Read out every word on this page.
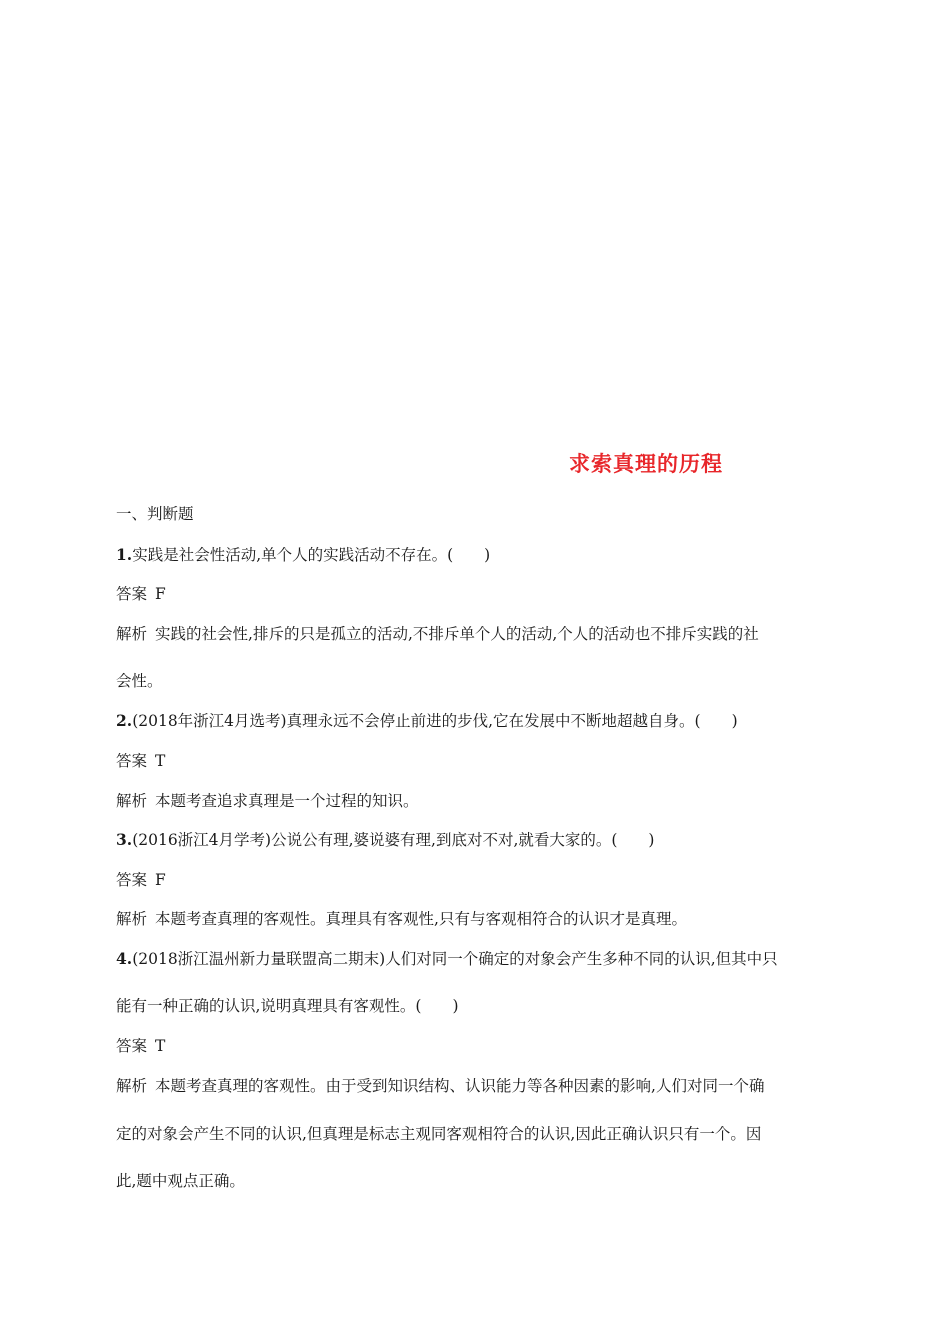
求索真理的历程
一、判断题
1.实践是社会性活动,单个人的实践活动不存在。(　　)
答案 F
解析 实践的社会性,排斥的只是孤立的活动,不排斥单个人的活动,个人的活动也不排斥实践的社
会性。
2.(2018年浙江4月选考)真理永远不会停止前进的步伐,它在发展中不断地超越自身。(　　)
答案 T
解析 本题考查追求真理是一个过程的知识。
3.(2016浙江4月学考)公说公有理,婆说婆有理,到底对不对,就看大家的。(　　)
答案 F
解析 本题考查真理的客观性。真理具有客观性,只有与客观相符合的认识才是真理。
4.(2018浙江温州新力量联盟高二期末)人们对同一个确定的对象会产生多种不同的认识,但其中只
能有一种正确的认识,说明真理具有客观性。(　　)
答案 T
解析 本题考查真理的客观性。由于受到知识结构、认识能力等各种因素的影响,人们对同一个确
定的对象会产生不同的认识,但真理是标志主观同客观相符合的认识,因此正确认识只有一个。因
此,题中观点正确。
